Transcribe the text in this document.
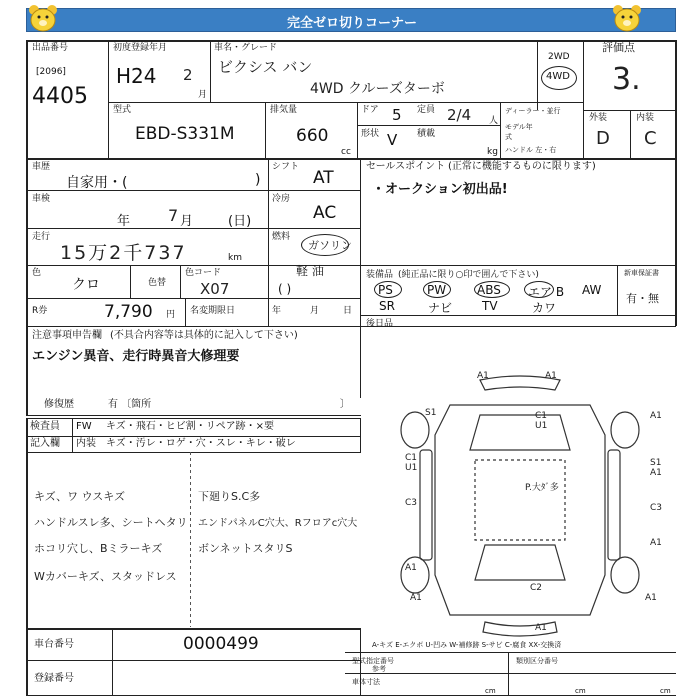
完全ゼロ切りコーナー
出品番号
[2096]
4405
初度登録年月
H24 2
月
車名・グレード
ビクシス バン
4WD クルーズターボ
2WD
4WD
評価点
3.
型式
EBD-S331M
排気量
660
cc
ドア 5 定員 2/4 人
形状 V 積載
kg
ディーラー・並行
モデル年式
ハンドル 左・右
外装	内装
D C
車歴
自家用・(	)
シフト
AT
車検
年 7 月	(日)
冷房
AC
走行
15万2千737	km
燃料
ガソリン
軽 油
( )
色
クロ	色替
色コード
X07
R券	7,790 円 名変期限日	年	月	日
セールスポイント (正常に機能するものに限ります)
・オークション初出品!
装備品 (純正品に限り○印で囲んで下さい)
PS	PW	ABS エア B AW
SR	ナビ TV	カワ
新車保証書
有・無
後日品
注意事項申告欄 (不具合内容等は具体的に記入して下さい)
エンジン異音、走行時異音大修理要
修復歴	有 〔箇所	〕
検査員
記入欄
FW
内装
キズ・飛石・ヒビ割・リペア跡・×要
キズ・汚レ・ロゲ・穴・スレ・キレ・破レ
キズ、ワ ウスキズ
ハンドルスレ多、シートヘタリ
ホコリ穴し、Bミラーキズ
Wカバーキズ、スタッドレス
下廻りS.C多
エンドパネルC穴大、Rフロアc穴大
ボンネットスタリS
A1	A1
S1	C1
U1
A1
C1
U1	S1
A1
C3	C3
P.大ﾀﾞ多
A1
A1
C2
A1	A1
A1
A-キズ E-エクボ U-凹み W-補修跡 S-サビ C-腐食 XX-交換済
車台番号	0000499
登録番号
型式指定番号
参考
類別区分番号
車体寸法
cm	cm	cm
